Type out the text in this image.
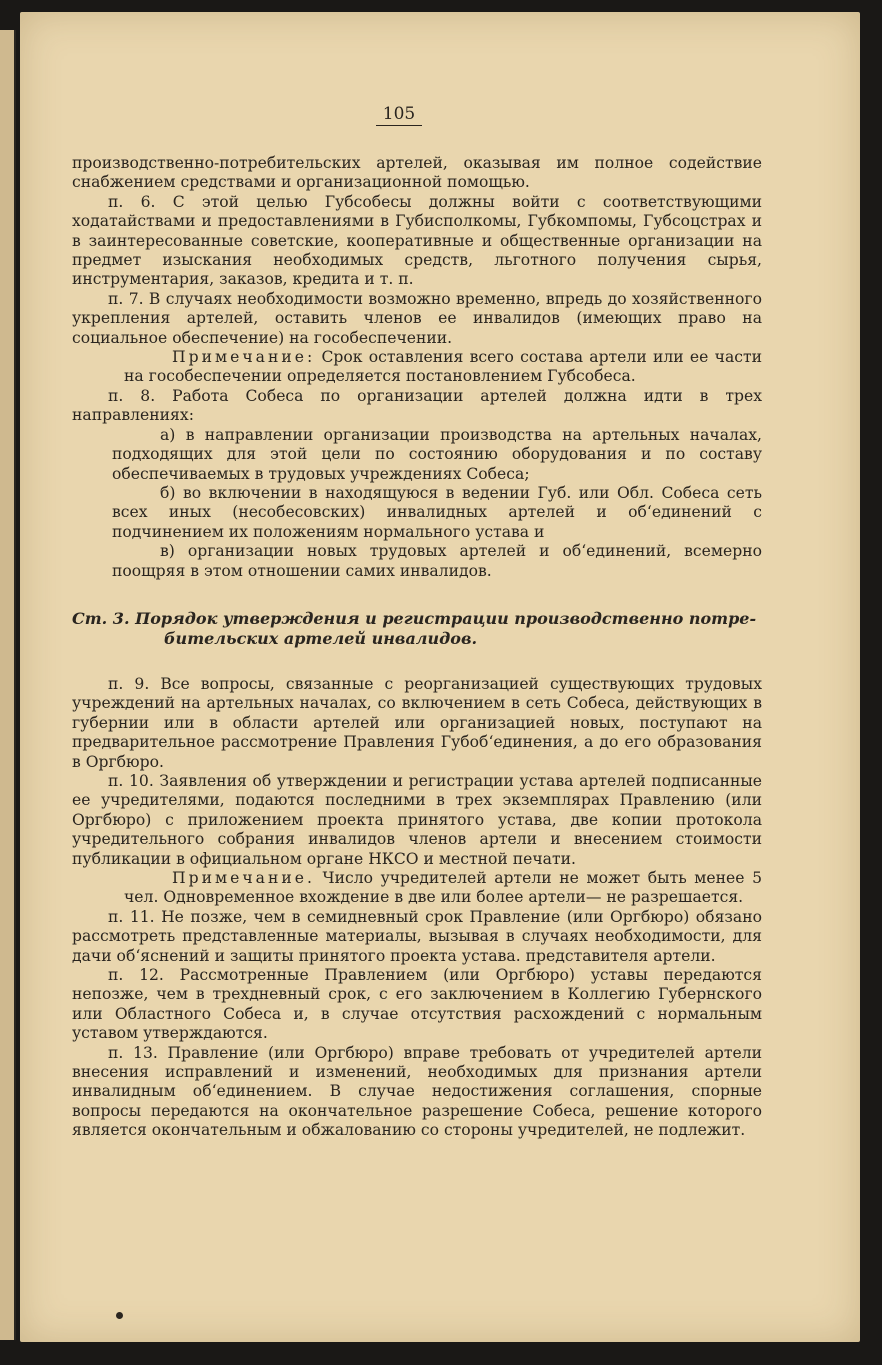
105

производственно-потребительских артелей, оказывая им полное содействие снабжением средствами и организационной помощью.

п. 6. С этой целью Губсобесы должны войти с соответствующими ходатайствами и предоставлениями в Губисполкомы, Губкомпомы, Губсоцстрах и в заинтересованные советские, кооперативные и общественные организации на предмет изыскания необходимых средств, льготного получения сырья, инструментария, заказов, кредита и т. п.

п. 7. В случаях необходимости возможно временно, впредь до хозяйственного укрепления артелей, оставить членов ее инвалидов (имеющих право на социальное обеспечение) на гособеспечении.

Примечание: Срок оставления всего состава артели или ее части на гособеспечении определяется постановлением Губсобеса.

п. 8. Работа Собеса по организации артелей должна идти в трех направлениях:

а) в направлении организации производства на артельных началах, подходящих для этой цели по состоянию оборудования и по составу обеспечиваемых в трудовых учреждениях Собеса;

б) во включении в находящуюся в ведении Губ. или Обл. Собеса сеть всех иных (несобесовских) инвалидных артелей и об‘единений с подчинением их положениям нормального устава и

в) организации новых трудовых артелей и об‘единений, всемерно поощряя в этом отношении самих инвалидов.

Ст. 3. Порядок утверждения и регистрации производственно потре-
бительских артелей инвалидов.

п. 9. Все вопросы, связанные с реорганизацией существующих трудовых учреждений на артельных началах, со включением в сеть Собеса, действующих в губернии или в области артелей или организацией новых, поступают на предварительное рассмотрение Правления Губоб‘единения, а до его образования в Оргбюро.

п. 10. Заявления об утверждении и регистрации устава артелей подписанные ее учредителями, подаются последними в трех экземплярах Правлению (или Оргбюро) с приложением проекта принятого устава, две копии протокола учредительного собрания инвалидов членов артели и внесением стоимости публикации в официальном органе НКСО и местной печати.

Примечание. Число учредителей артели не может быть менее 5 чел. Одновременное вхождение в две или более артели— не разрешается.

п. 11. Не позже, чем в семидневный срок Правление (или Оргбюро) обязано рассмотреть представленные материалы, вызывая в случаях необходимости, для дачи об‘яснений и защиты принятого проекта устава. представителя артели.

п. 12. Рассмотренные Правлением (или Оргбюро) уставы передаются непозже, чем в трехдневный срок, с его заключением в Коллегию Губернского или Областного Собеса и, в случае отсутствия расхождений с нормальным уставом утверждаются.

п. 13. Правление (или Оргбюро) вправе требовать от учредителей артели внесения исправлений и изменений, необходимых для признания артели инвалидным об‘единением. В случае недостижения соглашения, спорные вопросы передаются на окончательное разрешение Собеса, решение которого является окончательным и обжалованию со стороны учредителей, не подлежит.
